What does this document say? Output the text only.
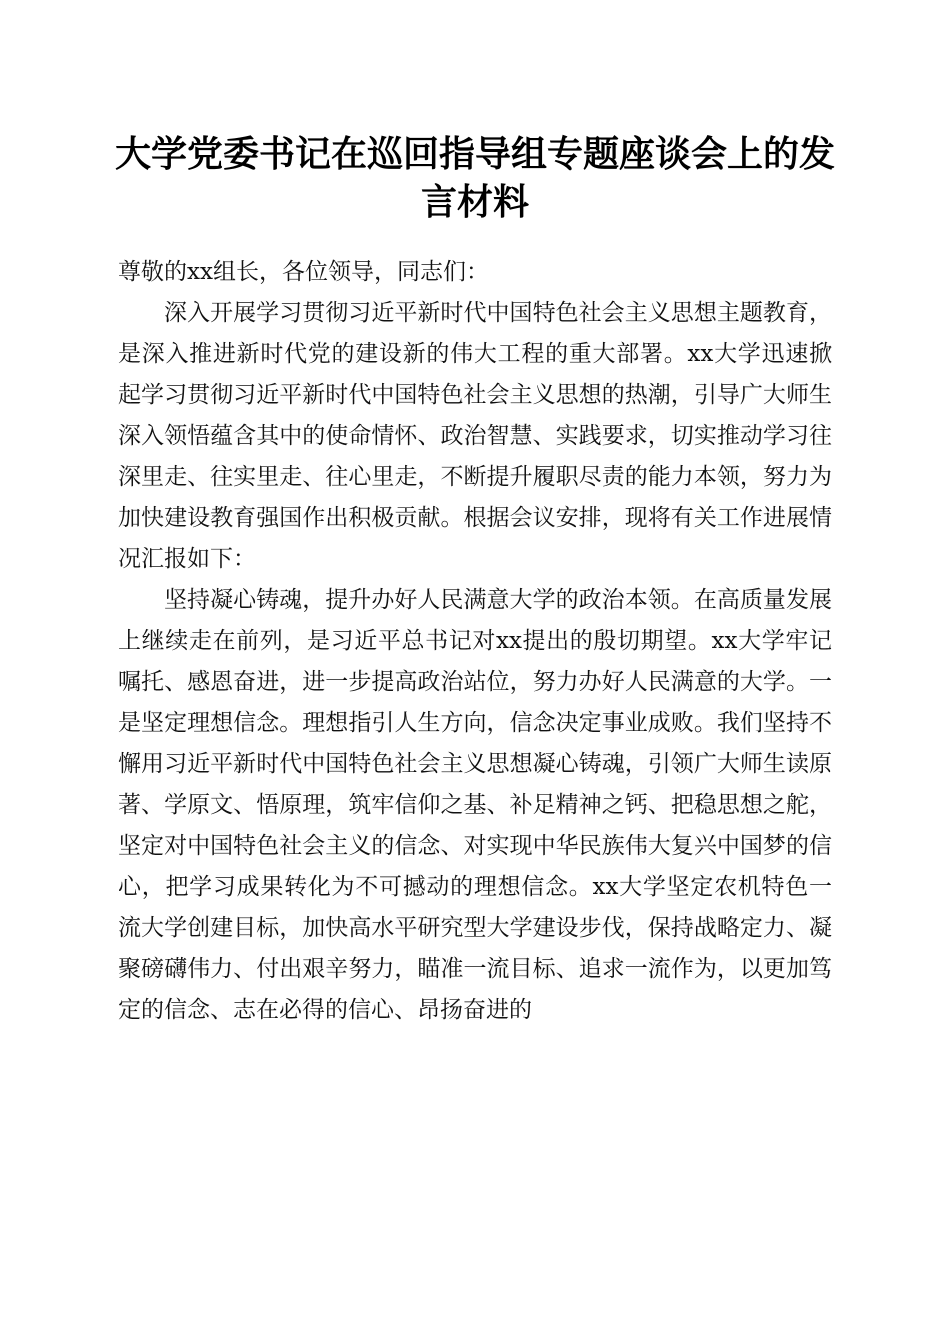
大学党委书记在巡回指导组专题座谈会上的发
言材料

尊敬的xx组长，各位领导，同志们：

深入开展学习贯彻习近平新时代中国特色社会主义思想主题教育，是深入推进新时代党的建设新的伟大工程的重大部署。xx大学迅速掀起学习贯彻习近平新时代中国特色社会主义思想的热潮，引导广大师生深入领悟蕴含其中的使命情怀、政治智慧、实践要求，切实推动学习往深里走、往实里走、往心里走，不断提升履职尽责的能力本领，努力为加快建设教育强国作出积极贡献。根据会议安排，现将有关工作进展情况汇报如下：

坚持凝心铸魂，提升办好人民满意大学的政治本领。在高质量发展上继续走在前列，是习近平总书记对xx提出的殷切期望。xx大学牢记嘱托、感恩奋进，进一步提高政治站位，努力办好人民满意的大学。一是坚定理想信念。理想指引人生方向，信念决定事业成败。我们坚持不懈用习近平新时代中国特色社会主义思想凝心铸魂，引领广大师生读原著、学原文、悟原理，筑牢信仰之基、补足精神之钙、把稳思想之舵，坚定对中国特色社会主义的信念、对实现中华民族伟大复兴中国梦的信心，把学习成果转化为不可撼动的理想信念。xx大学坚定农机特色一流大学创建目标，加快高水平研究型大学建设步伐，保持战略定力、凝聚磅礴伟力、付出艰辛努力，瞄准一流目标、追求一流作为，以更加笃定的信念、志在必得的信心、昂扬奋进的
